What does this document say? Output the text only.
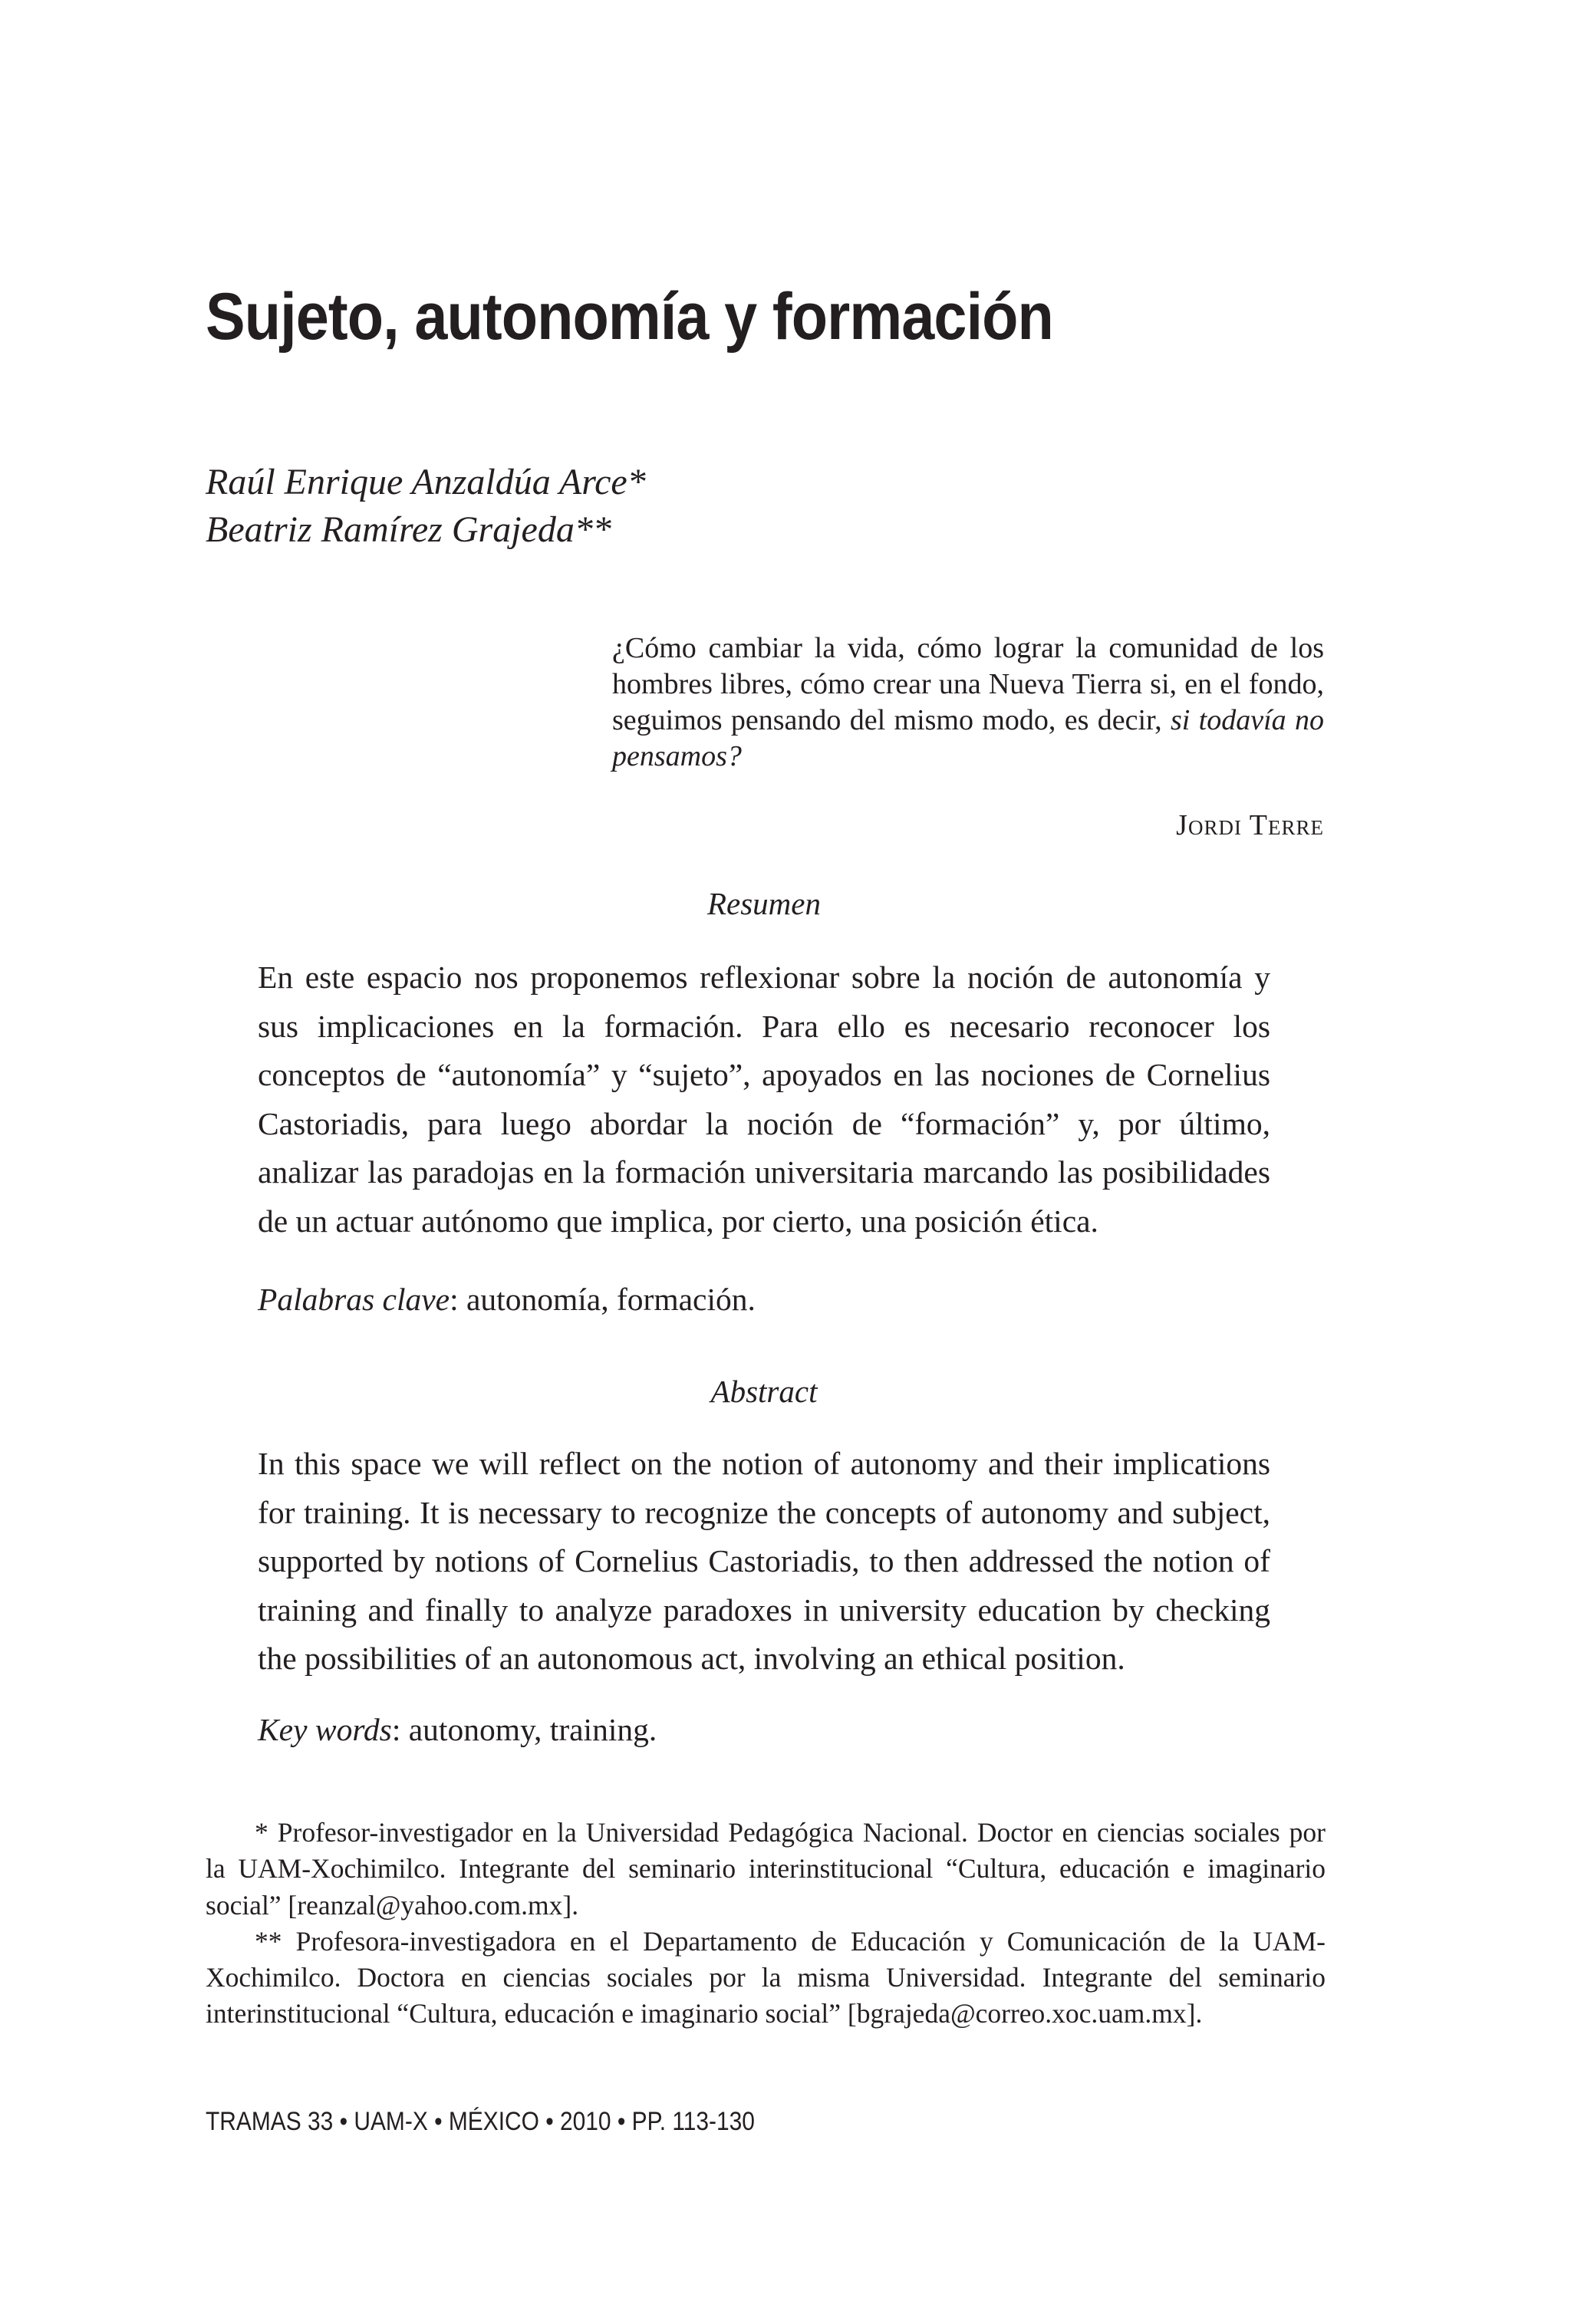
Sujeto, autonomía y formación
Raúl Enrique Anzaldúa Arce*
Beatriz Ramírez Grajeda**
¿Cómo cambiar la vida, cómo lograr la comunidad de los hombres libres, cómo crear una Nueva Tierra si, en el fondo, seguimos pensando del mismo modo, es decir, si todavía no pensamos?
Jordi Terre
Resumen
En este espacio nos proponemos reflexionar sobre la noción de autonomía y sus implicaciones en la formación. Para ello es necesario reconocer los conceptos de “autonomía” y “sujeto”, apoyados en las nociones de Cornelius Castoriadis, para luego abordar la noción de “formación” y, por último, analizar las paradojas en la formación universitaria marcando las posibilidades de un actuar autónomo que implica, por cierto, una posición ética.
Palabras clave: autonomía, formación.
Abstract
In this space we will reflect on the notion of autonomy and their implications for training. It is necessary to recognize the concepts of autonomy and subject, supported by notions of Cornelius Castoriadis, to then addressed the notion of training and finally to analyze paradoxes in university education by checking the possibilities of an autonomous act, involving an ethical position.
Key words: autonomy, training.

* Profesor-investigador en la Universidad Pedagógica Nacional. Doctor en ciencias sociales por la UAM-Xochimilco. Integrante del seminario interinstitucional “Cultura, educación e imaginario social” [reanzal@yahoo.com.mx].

** Profesora-investigadora en el Departamento de Educación y Comunicación de la UAM-Xochimilco. Doctora en ciencias sociales por la misma Universidad. Integrante del seminario interinstitucional “Cultura, educación e imaginario social” [bgrajeda@correo.xoc.uam.mx].

TRAMAS 33 • UAM-X • MÉXICO • 2010 • PP. 113-130
